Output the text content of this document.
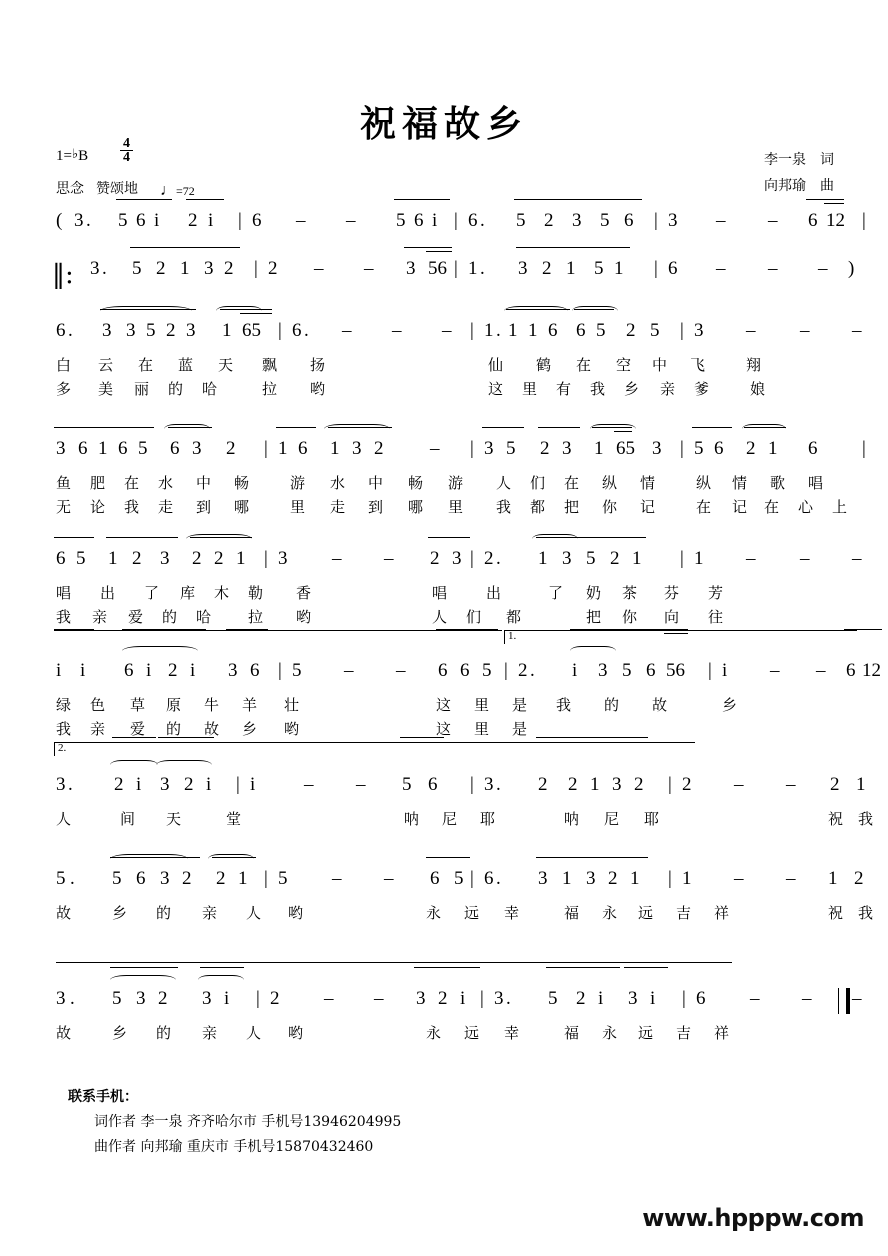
祝福故乡
1=♭B
4
4
思念 赞颂地 ♩=72
李一泉 词
向邦瑜 曲
( 3 . 5 6 i 2 i | 6 – – 5 6 i | 6 . 5 2 3 5 6 | 3 – – 6 12 |
‖: 3 . 5 2 1 3 2 | 2 – – 3 56 | 1 . 3 2 1 5 1 | 6 – – – )
6 . 3 3 5 2 3 1 65 | 6 . – – – | 1 . 1 1 6 6 5 2 5 | 3 – – –
白 云 在 蓝 天 飘 扬	仙 鹤 在 空 中 飞	翔
多 美 丽 的 哈	拉 哟	这 里 有 我 乡 亲 爹	娘
3 6 1 6 5 6 3 2 | 1 6 1 3 2 – | 3 5 2 3 1 65 3 | 5 6 2 1 6 |
鱼 肥 在 水 中 畅	游 水 中 畅 游 人 们 在 纵 情	纵 情 歌 唱
无 论 我 走 到 哪	里 走 到 哪 里 我 都 把 你 记	在 记 在 心 上
6 5 1 2 3 2 2 1 | 3 – – 2 3 | 2 . 1 3 5 2 1 | 1 – – –
唱 出 了 库 木 勒 香	唱	出	了 奶 茶 芬 芳
我 亲 爱 的 哈 拉 哟	人 们 都	把 你 向 往
1.
i i 6 i 2 i 3 6 | 5 – – 6 6 5 | 2 . i 3 5 6 56 | i – – 6 12
绿 色 草 原 牛 羊 壮	这 里 是 我 的 故	乡
我 亲 爱 的 故 乡 哟	这 里 是
2.
3 . 2 i 3 2 i | i	– – 5 6 | 3 . 2 2 1 3 2 | 2 – – 2 1
人	间 天	堂	呐 尼 耶	呐 尼 耶	祝 我
5 . 5 6 3 2 2 1 | 5 – – 6 5 | 6 . 3 1 3 2 1 | 1 – – 1 2
故	乡 的 亲 人 哟	永 远 幸	福 永 远 吉 祥	祝 我
3 . 5 3 2 3 i | 2 – – 3 2 i | 3 . 5 2 i 3 i | 6 – – –
故	乡 的 亲 人 哟	永 远 幸	福 永 远 吉 祥
联系手机：
词作者 李一泉 齐齐哈尔市 手机号13946204995
曲作者 向邦瑜 重庆市 手机号15870432460
www.hpppw.com
